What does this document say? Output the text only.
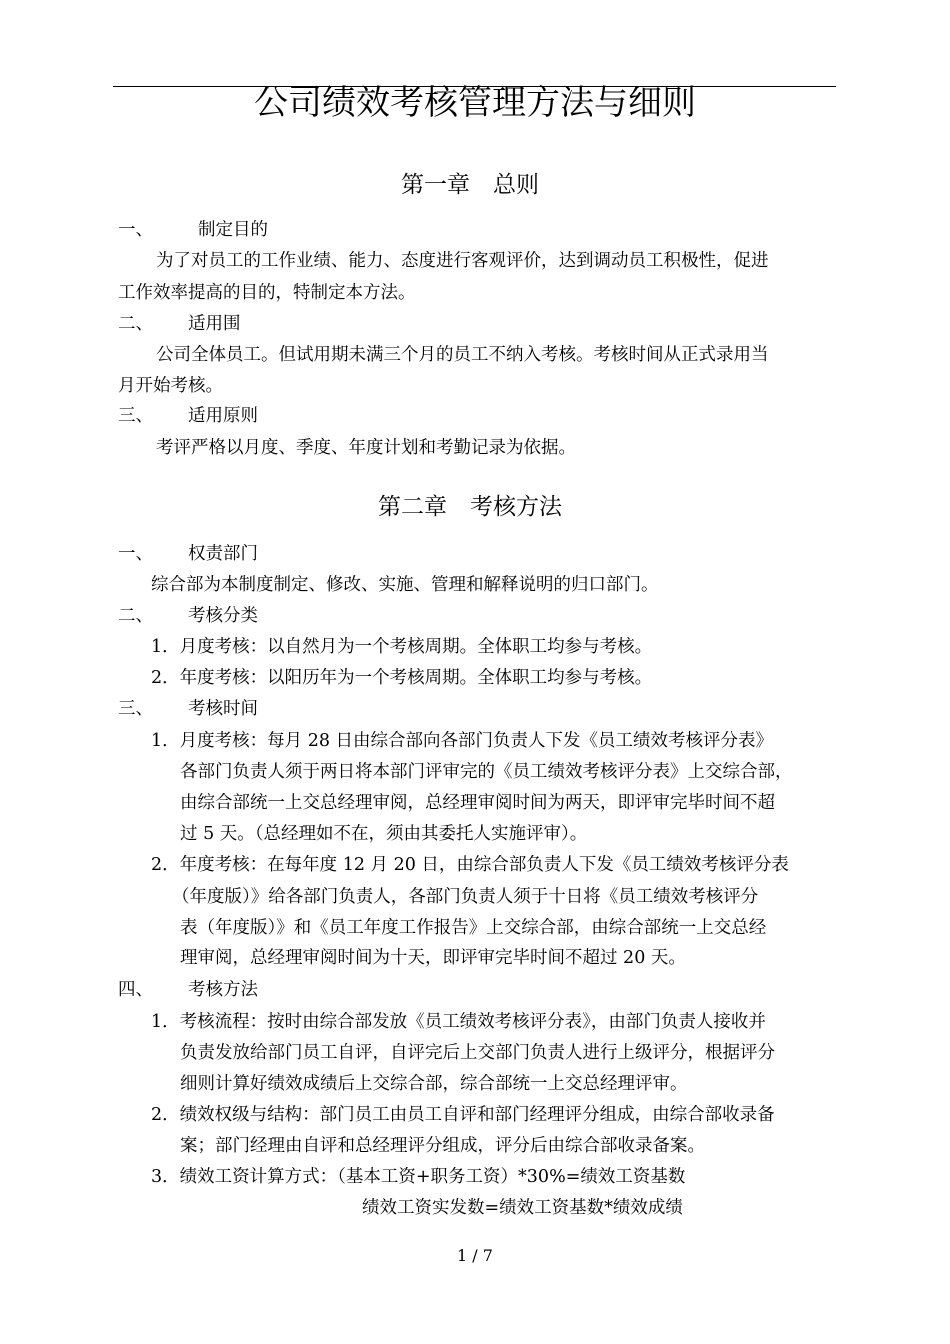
公司绩效考核管理方法与细则
第一章　总则
一、	制定目的
为了对员工的工作业绩、能力、态度进行客观评价，达到调动员工积极性，促进
工作效率提高的目的，特制定本方法。
二、 适用围
公司全体员工。但试用期未满三个月的员工不纳入考核。考核时间从正式录用当
月开始考核。
三、 适用原则
考评严格以月度、季度、年度计划和考勤记录为依据。
第二章　考核方法
一、 权责部门
综合部为本制度制定、修改、实施、管理和解释说明的归口部门。
二、 考核分类
1．月度考核：以自然月为一个考核周期。全体职工均参与考核。
2．年度考核：以阳历年为一个考核周期。全体职工均参与考核。
三、 考核时间
1．月度考核：每月 28 日由综合部向各部门负责人下发《员工绩效考核评分表》
各部门负责人须于两日将本部门评审完的《员工绩效考核评分表》上交综合部，
由综合部统一上交总经理审阅，总经理审阅时间为两天，即评审完毕时间不超
过 5 天。（总经理如不在，须由其委托人实施评审）。
2．年度考核：在每年度 12 月 20 日，由综合部负责人下发《员工绩效考核评分表
（年度版）》给各部门负责人，各部门负责人须于十日将《员工绩效考核评分
表（年度版）》和《员工年度工作报告》上交综合部，由综合部统一上交总经
理审阅，总经理审阅时间为十天，即评审完毕时间不超过 20 天。
四、 考核方法
1．考核流程：按时由综合部发放《员工绩效考核评分表》，由部门负责人接收并
负责发放给部门员工自评，自评完后上交部门负责人进行上级评分，根据评分
细则计算好绩效成绩后上交综合部，综合部统一上交总经理评审。
2．绩效权级与结构：部门员工由员工自评和部门经理评分组成，由综合部收录备
案；部门经理由自评和总经理评分组成，评分后由综合部收录备案。
3．绩效工资计算方式：（基本工资+职务工资）*30%=绩效工资基数
绩效工资实发数=绩效工资基数*绩效成绩
1 / 7
